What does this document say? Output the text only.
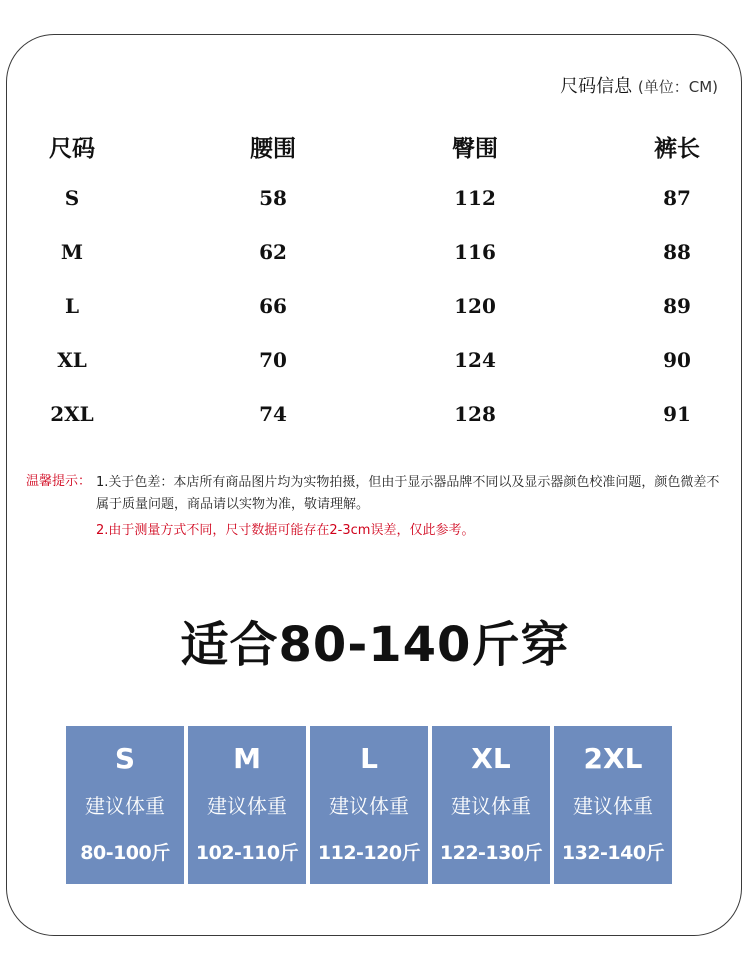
尺码信息 (单位：CM)
尺码	腰围	臀围	裤长
S	58	112	87
M	62	116	88
L	66	120	89
XL	70	124	90
2XL	74	128	91
温馨提示： 1.关于色差：本店所有商品图片均为实物拍摄，但由于显示器品牌不同以及显示器颜色校准问题，颜色微差不属于质量问题，商品请以实物为准，敬请理解。
2.由于测量方式不同，尺寸数据可能存在2-3cm误差，仅此参考。
适合80-140斤穿
S
建议体重
80-100斤
M
建议体重
102-110斤
L
建议体重
112-120斤
XL
建议体重
122-130斤
2XL
建议体重
132-140斤
